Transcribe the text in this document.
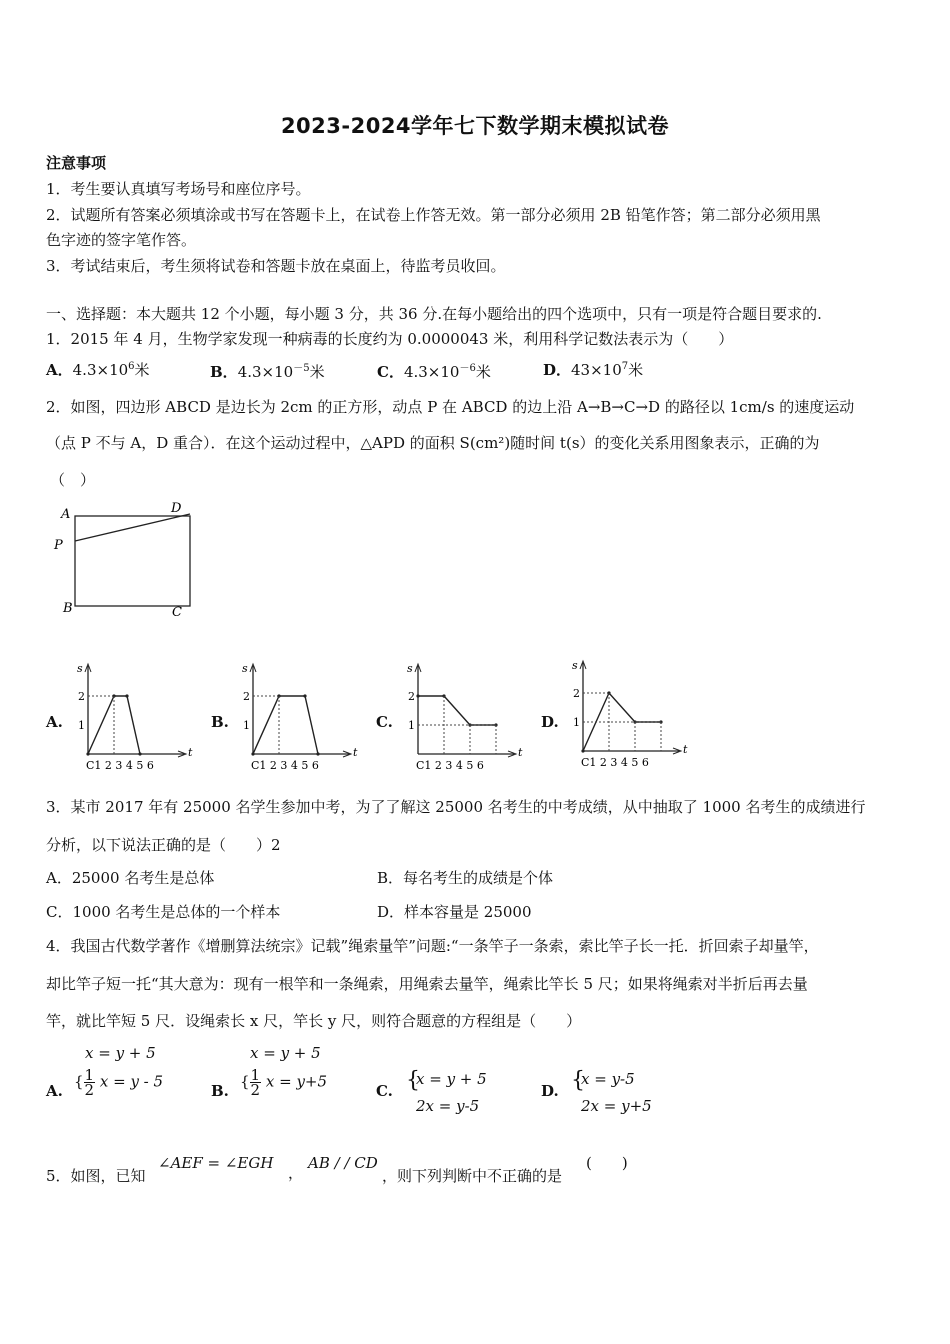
2023-2024学年七下数学期末模拟试卷
注意事项
1．考生要认真填写考场号和座位序号。
2．试题所有答案必须填涂或书写在答题卡上，在试卷上作答无效。第一部分必须用 2B 铅笔作答；第二部分必须用黑
色字迹的签字笔作答。
3．考试结束后，考生须将试卷和答题卡放在桌面上，待监考员收回。
一、选择题：本大题共 12 个小题，每小题 3 分，共 36 分.在每小题给出的四个选项中，只有一项是符合题目要求的.
1．2015 年 4 月，生物学家发现一种病毒的长度约为 0.0000043 米，利用科学记数法表示为（　　）
A．$4.3\times 10^6$米	B．$4.3\times 10^{-5}$米	C．$4.3\times 10^{-6}$米	D．$43\times 10^7$米
2．如图，四边形 ABCD 是边长为 2cm 的正方形，动点 P 在 ABCD 的边上沿 A→B→C→D 的路径以 1cm/s 的速度运动
（点 P 不与 A，D 重合）．在这个运动过程中，△APD 的面积 S(cm²)随时间 t(s）的变化关系用图象表示，正确的为
（　）
A	D
P
B	C
A.	B.	C.	D.
s
t
2
1
C1 2 3 4 5 6
s
t
2
1
C1 2 3 4 5 6
s
t
2
1
C1 2 3 4 5 6
s
t
2
1
C1 2 3 4 5 6
3．某市 2017 年有 25000 名学生参加中考，为了了解这 25000 名考生的中考成绩，从中抽取了 1000 名考生的成绩进行
分析，以下说法正确的是（　　）2
A．25000 名考生是总体	B．每名考生的成绩是个体
C．1000 名考生是总体的一个样本	D．样本容量是 25000
4．我国古代数学著作《增删算法统宗》记载”绳索量竿”问题:“一条竿子一条索，索比竿子长一托．折回索子却量竿，
却比竿子短一托“其大意为：现有一根竿和一条绳索，用绳索去量竿，绳索比竿长 5 尺；如果将绳索对半折后再去量
竿，就比竿短 5 尺．设绳索长 x 尺，竿长 y 尺，则符合题意的方程组是（　　）
x = y + 5
A.
{ $\frac{1}{2}$ x = y - 5
x = y + 5
B.
{ $\frac{1}{2}$ x = y+5
C. {
x = y + 5
2x = y-5
D. {
x = y-5
2x = y+5
5．如图，已知
∠AEF = ∠EGH
，
AB / / CD
，则下列判断中不正确的是
(　　)
